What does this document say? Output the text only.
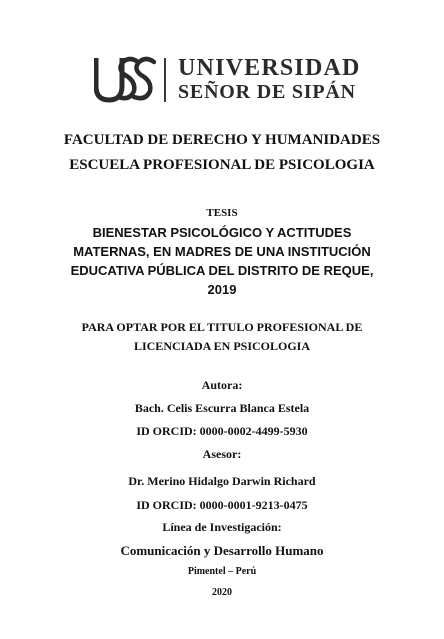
UNIVERSIDAD
SEÑOR DE SIPÁN
FACULTAD DE DERECHO Y HUMANIDADES
ESCUELA PROFESIONAL DE PSICOLOGIA
TESIS
BIENESTAR PSICOLÓGICO Y ACTITUDES
MATERNAS, EN MADRES DE UNA INSTITUCIÓN
EDUCATIVA PÚBLICA DEL DISTRITO DE REQUE,
2019
PARA OPTAR POR EL TITULO PROFESIONAL DE
LICENCIADA EN PSICOLOGIA
Autora:
Bach. Celis Escurra Blanca Estela
ID ORCID: 0000-0002-4499-5930
Asesor:
Dr. Merino Hidalgo Darwin Richard
ID ORCID: 0000-0001-9213-0475
Línea de Investigación:
Comunicación y Desarrollo Humano
Pimentel – Perú
2020
